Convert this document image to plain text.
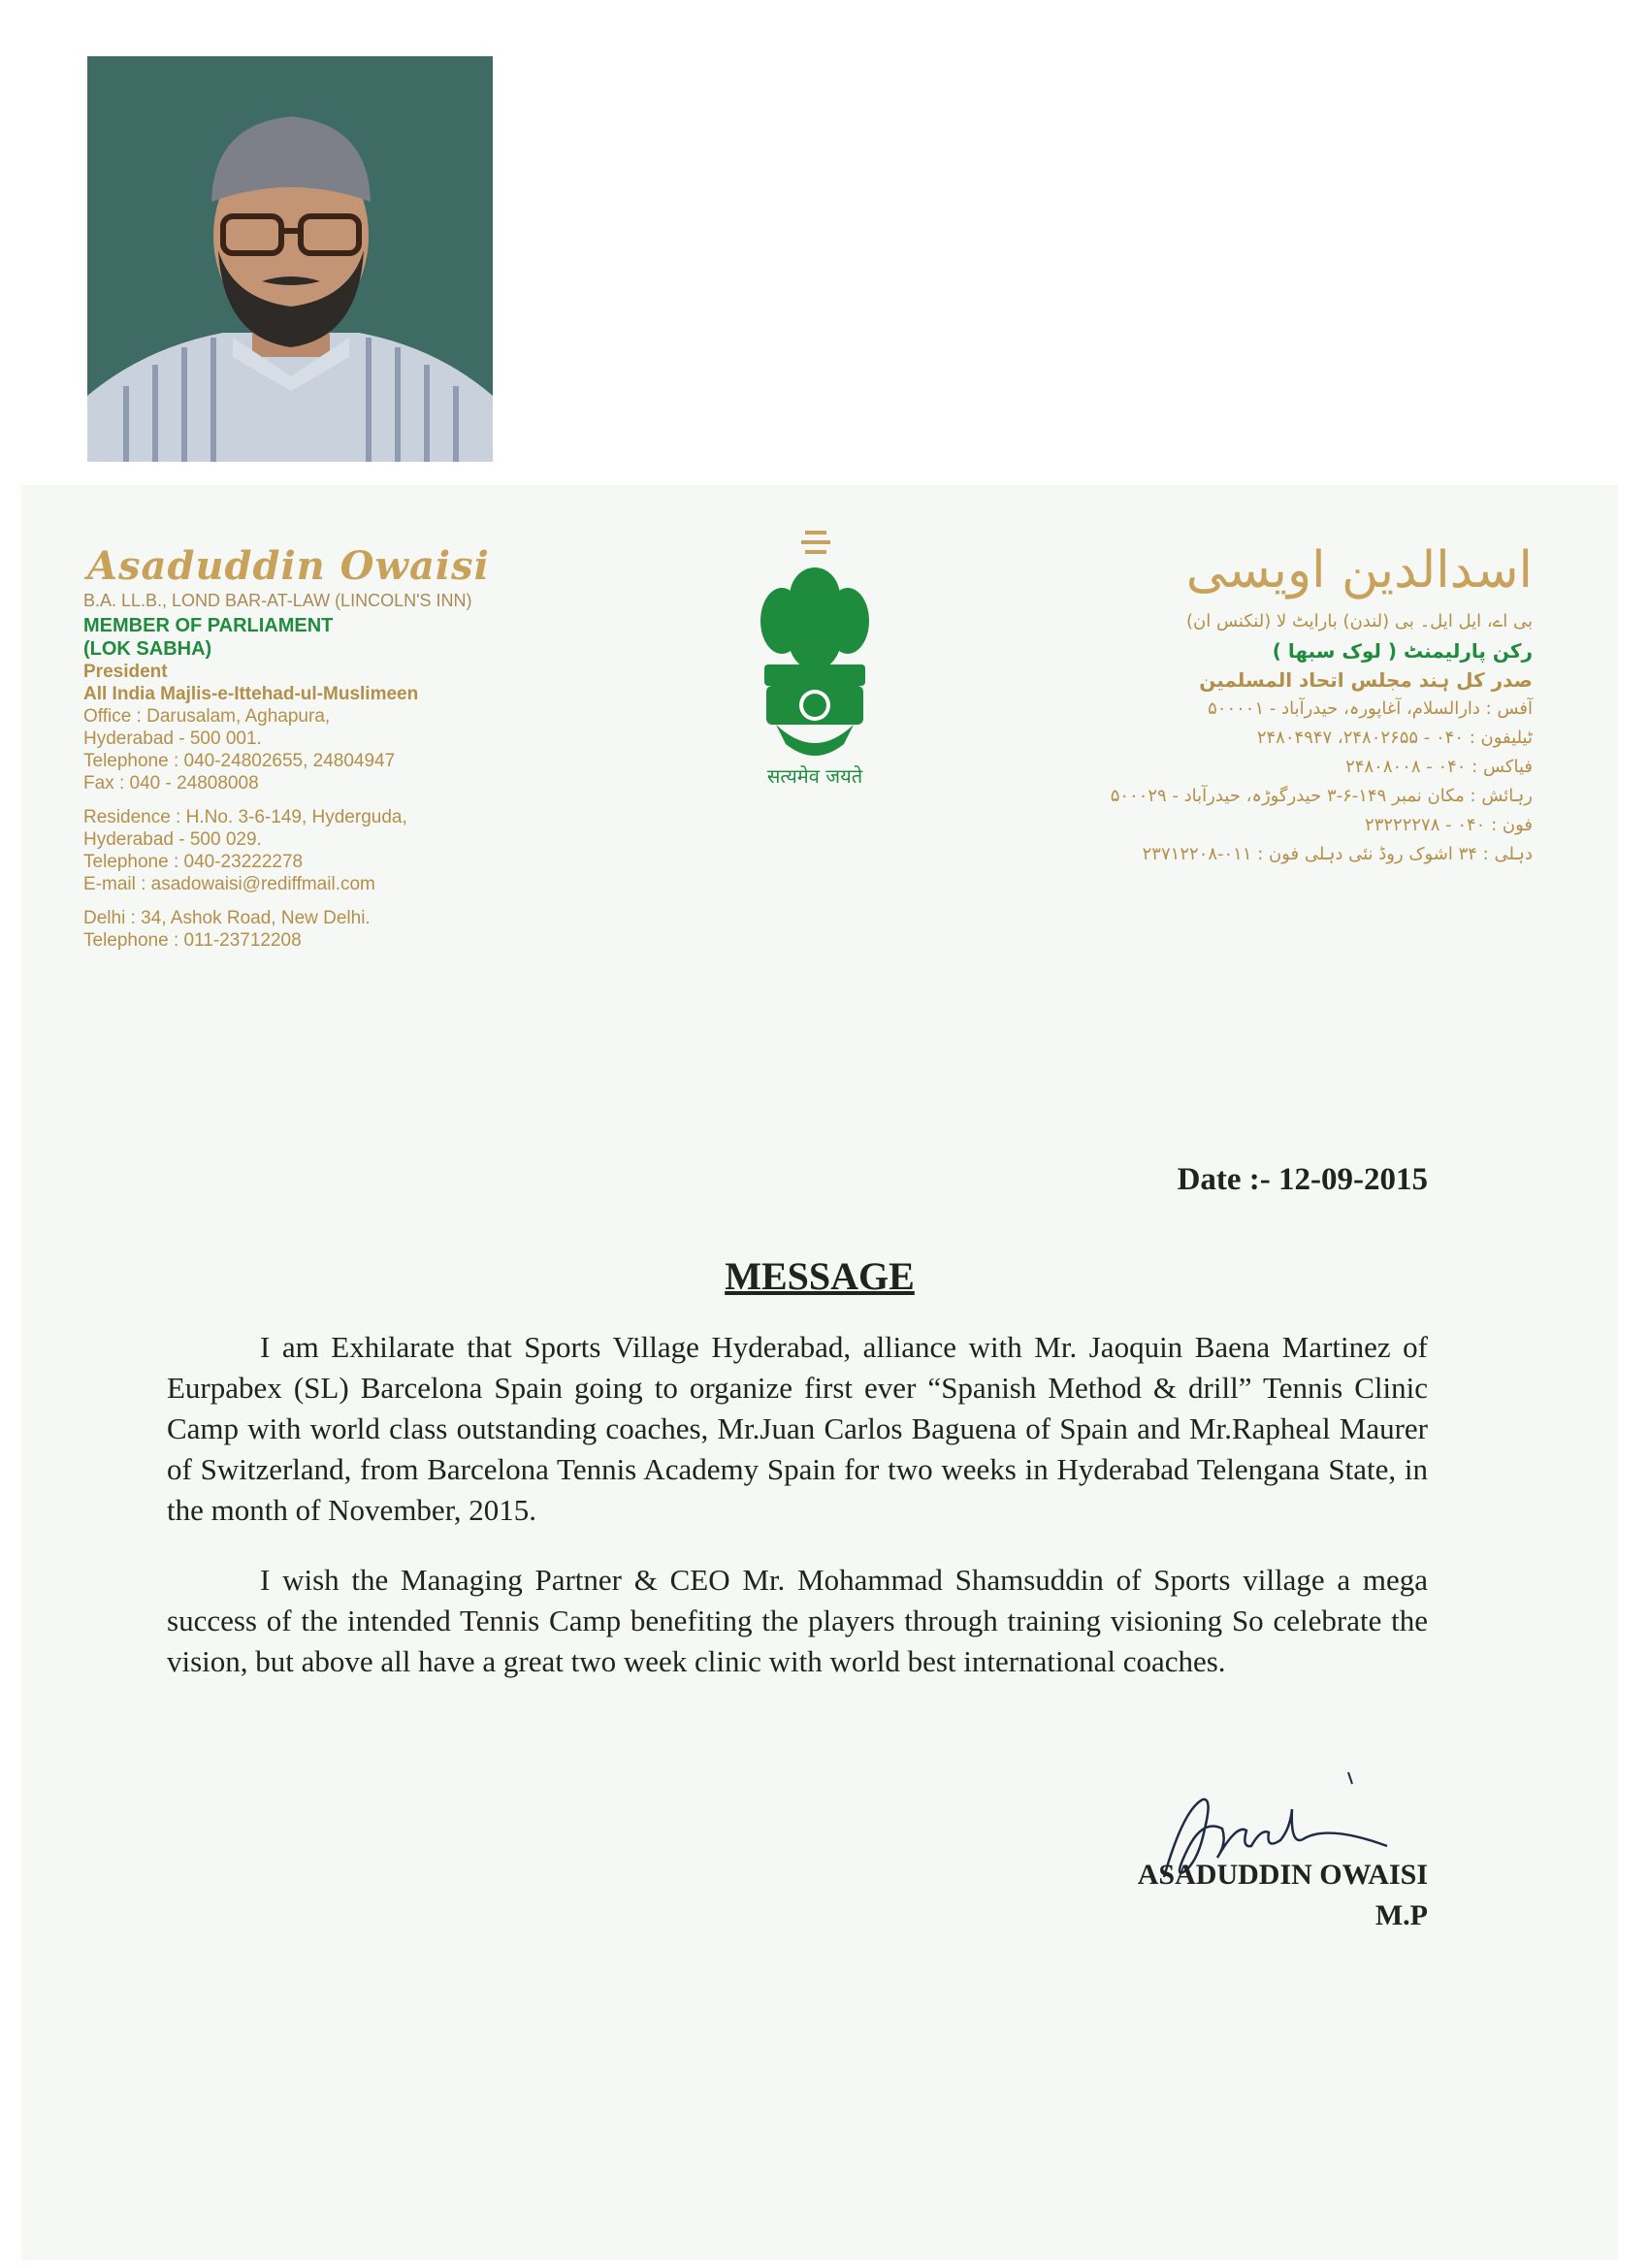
Asaduddin Owaisi
B.A. LL.B., LOND BAR-AT-LAW (LINCOLN'S INN)
MEMBER OF PARLIAMENT
(LOK SABHA)
President
All India Majlis-e-Ittehad-ul-Muslimeen
Office : Darusalam, Aghapura,
Hyderabad - 500 001.
Telephone : 040-24802655, 24804947
Fax : 040 - 24808008
Residence : H.No. 3-6-149, Hyderguda,
Hyderabad - 500 029.
Telephone : 040-23222278
E-mail : asadowaisi@rediffmail.com
Delhi : 34, Ashok Road, New Delhi.
Telephone : 011-23712208
सत्यमेव जयते
اسدالدین اویسی
بی اے، ایل ایل۔ بی (لندن) بارایٹ لا (لنکنس ان)
رکن پارلیمنٹ ( لوک سبھا )
صدر کل ہند مجلس اتحاد المسلمین
آفس : دارالسلام، آغاپورہ، حیدرآباد - ۵۰۰۰۰۱
ٹیلیفون : ۰۴۰ - ۲۴۸۰۲۶۵۵، ۲۴۸۰۴۹۴۷
فیاکس : ۰۴۰ - ۲۴۸۰۸۰۰۸
رہائش : مکان نمبر ۱۴۹-۶-۳ حیدرگوڑہ، حیدرآباد - ۵۰۰۰۲۹
فون : ۰۴۰ - ۲۳۲۲۲۲۷۸
دہلی : ۳۴ اشوک روڈ نئی دہلی فون : ۰۱۱-۲۳۷۱۲۲۰۸
Date :- 12-09-2015
MESSAGE

I am Exhilarate that Sports Village Hyderabad, alliance with Mr. Jaoquin Baena Martinez of Eurpabex (SL) Barcelona Spain going to organize first ever “Spanish Method & drill” Tennis Clinic Camp with world class outstanding coaches, Mr.Juan Carlos Baguena of Spain and Mr.Rapheal Maurer of Switzerland, from Barcelona Tennis Academy Spain for two weeks in Hyderabad Telengana State, in the month of November, 2015.

I wish the Managing Partner & CEO Mr. Mohammad Shamsuddin of Sports village a mega success of the intended Tennis Camp benefiting the players through training visioning So celebrate the vision, but above all have a great two week clinic with world best international coaches.

ASADUDDIN OWAISI
M.P
